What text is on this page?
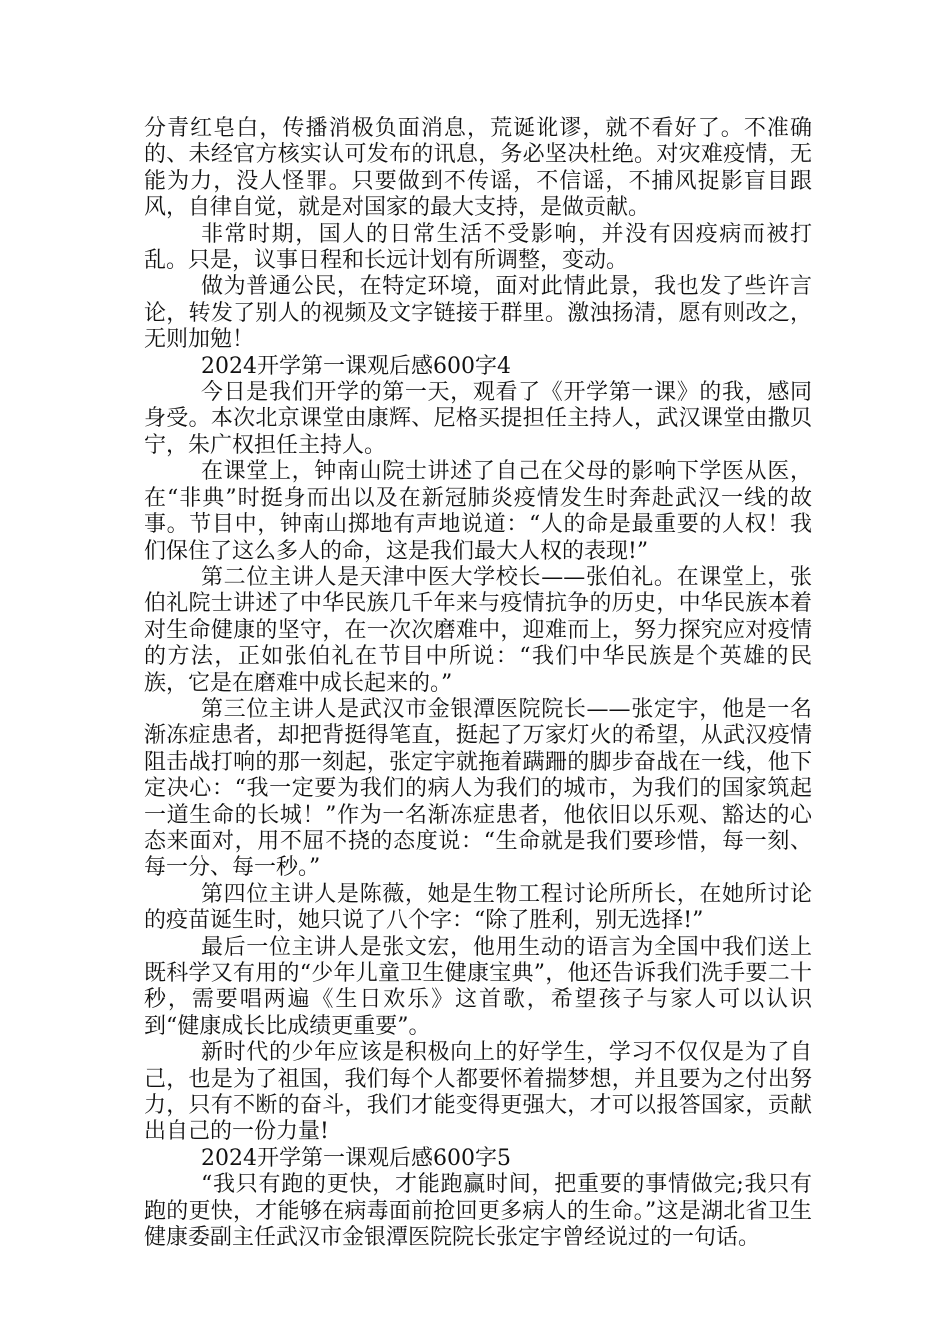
分青红皂白，传播消极负面消息，荒诞讹谬，就不看好了。不准确的、未经官方核实认可发布的讯息，务必坚决杜绝。对灾难疫情，无能为力，没人怪罪。只要做到不传谣，不信谣，不捕风捉影盲目跟风，自律自觉，就是对国家的最大支持，是做贡献。

非常时期，国人的日常生活不受影响，并没有因疫病而被打乱。只是，议事日程和长远计划有所调整，变动。

做为普通公民，在特定环境，面对此情此景，我也发了些许言论，转发了别人的视频及文字链接于群里。激浊扬清，愿有则改之，无则加勉！

2024开学第一课观后感600字4

今日是我们开学的第一天，观看了《开学第一课》的我，感同身受。本次北京课堂由康辉、尼格买提担任主持人，武汉课堂由撒贝宁，朱广权担任主持人。

在课堂上，钟南山院士讲述了自己在父母的影响下学医从医，在“非典”时挺身而出以及在新冠肺炎疫情发生时奔赴武汉一线的故事。节目中，钟南山掷地有声地说道：“人的命是最重要的人权！我们保住了这么多人的命，这是我们最大人权的表现!”

第二位主讲人是天津中医大学校长——张伯礼。在课堂上，张伯礼院士讲述了中华民族几千年来与疫情抗争的历史，中华民族本着对生命健康的坚守，在一次次磨难中，迎难而上，努力探究应对疫情的方法，正如张伯礼在节目中所说：“我们中华民族是个英雄的民族，它是在磨难中成长起来的。”

第三位主讲人是武汉市金银潭医院院长——张定宇，他是一名渐冻症患者，却把背挺得笔直，挺起了万家灯火的希望，从武汉疫情阻击战打响的那一刻起，张定宇就拖着蹒跚的脚步奋战在一线，他下定决心：“我一定要为我们的病人为我们的城市，为我们的国家筑起一道生命的长城！”作为一名渐冻症患者，他依旧以乐观、豁达的心态来面对，用不屈不挠的态度说：“生命就是我们要珍惜，每一刻、每一分、每一秒。”

第四位主讲人是陈薇，她是生物工程讨论所所长，在她所讨论的疫苗诞生时，她只说了八个字：“除了胜利，别无选择!”

最后一位主讲人是张文宏，他用生动的语言为全国中我们送上既科学又有用的“少年儿童卫生健康宝典”，他还告诉我们洗手要二十秒，需要唱两遍《生日欢乐》这首歌，希望孩子与家人可以认识到“健康成长比成绩更重要”。

新时代的少年应该是积极向上的好学生，学习不仅仅是为了自己，也是为了祖国，我们每个人都要怀着揣梦想，并且要为之付出努力，只有不断的奋斗，我们才能变得更强大，才可以报答国家，贡献出自己的一份力量!

2024开学第一课观后感600字5

“我只有跑的更快，才能跑赢时间，把重要的事情做完;我只有跑的更快，才能够在病毒面前抢回更多病人的生命。”这是湖北省卫生健康委副主任武汉市金银潭医院院长张定宇曾经说过的一句话。
